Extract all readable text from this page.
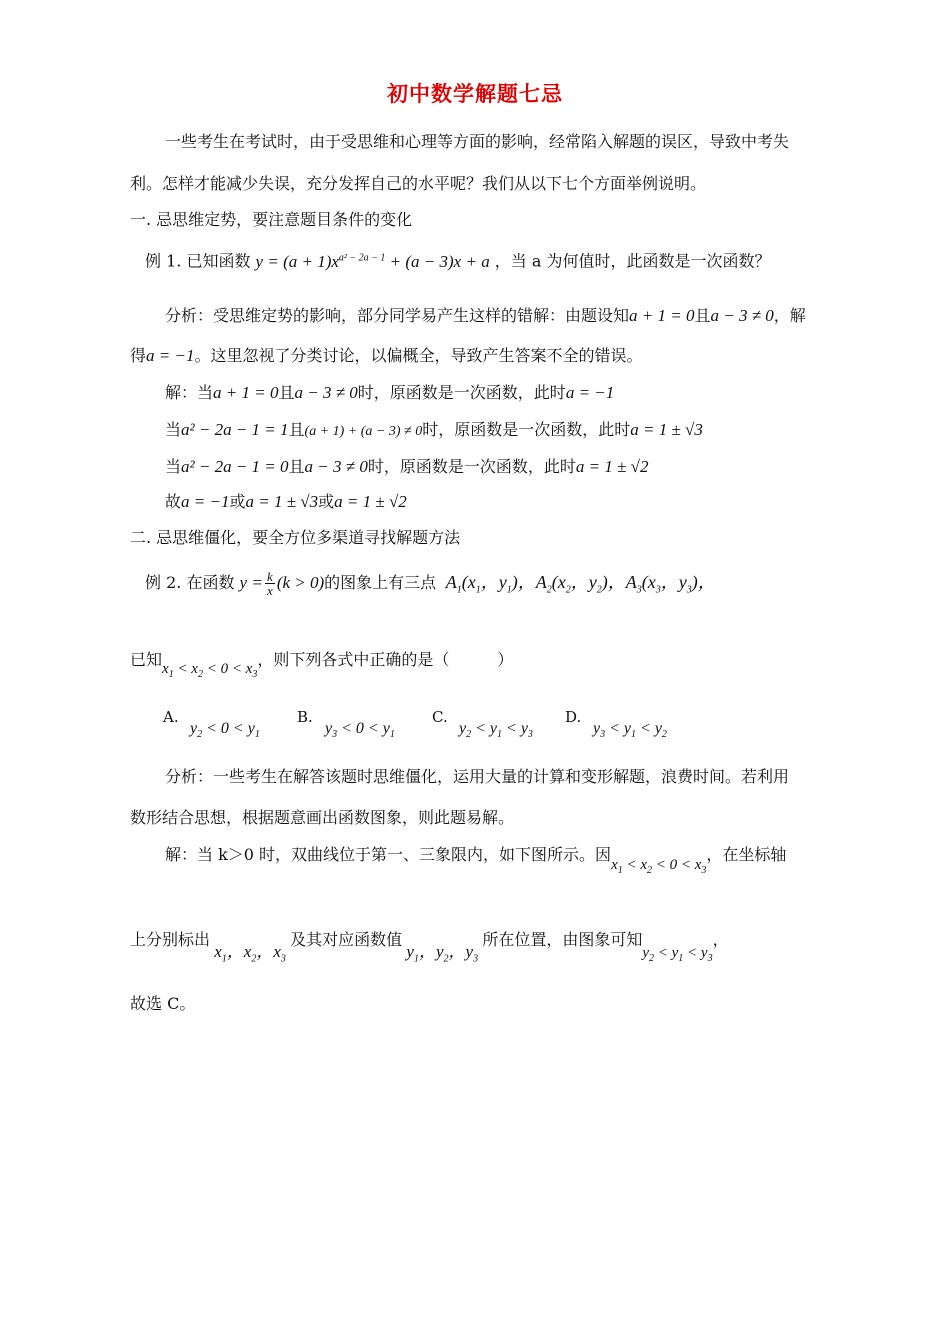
初中数学解题七忌
一些考生在考试时，由于受思维和心理等方面的影响，经常陷入解题的误区，导致中考失
利。怎样才能减少失误，充分发挥自己的水平呢？我们从以下七个方面举例说明。
一. 忌思维定势，要注意题目条件的变化
例 1. 已知函数 $y = (a + 1)x^{a^2 - 2a - 1} + (a - 3)x + a$ ，当 a 为何值时，此函数是一次函数？
分析：受思维定势的影响，部分同学易产生这样的错解：由题设知a + 1 = 0且a − 3 ≠ 0，解
得a = −1。这里忽视了分类讨论，以偏概全，导致产生答案不全的错误。
解：当a + 1 = 0且a − 3 ≠ 0时，原函数是一次函数，此时a = −1
当a² − 2a − 1 = 1且(a + 1) + (a − 3) ≠ 0时，原函数是一次函数，此时a = 1 ± √3
当a² − 2a − 1 = 0且a − 3 ≠ 0时，原函数是一次函数，此时a = 1 ± √2
故a = −1或a = 1 ± √3或a = 1 ± √2
二. 忌思维僵化，要全方位多渠道寻找解题方法
例 2. 在函数 $y = \frac{k}{x} (k > 0)$的图象上有三点  $A_1(x_1$，$y_1$)，$A_2(x_2$，$y_2$)，$A_3(x_3$，$y_3$)，
已知$x_1 < x_2 < 0 < x_3$，则下列各式中正确的是（　　　）
A.
$y_2 < 0 < y_1$
B.
$y_3 < 0 < y_1$
C.
$y_2 < y_1 < y_3$
D.
$y_3 < y_1 < y_2$
分析：一些考生在解答该题时思维僵化，运用大量的计算和变形解题，浪费时间。若利用
数形结合思想，根据题意画出函数图象，则此题易解。
解：当 k＞0 时，双曲线位于第一、三象限内，如下图所示。因$x_1 < x_2 < 0 < x_3$，在坐标轴
上分别标出 $x_1$，$x_2$，$x_3$ 及其对应函数值 $y_1$，$y_2$，$y_3$ 所在位置，由图象可知$y_2 < y_1 < y_3$，
故选 C。
